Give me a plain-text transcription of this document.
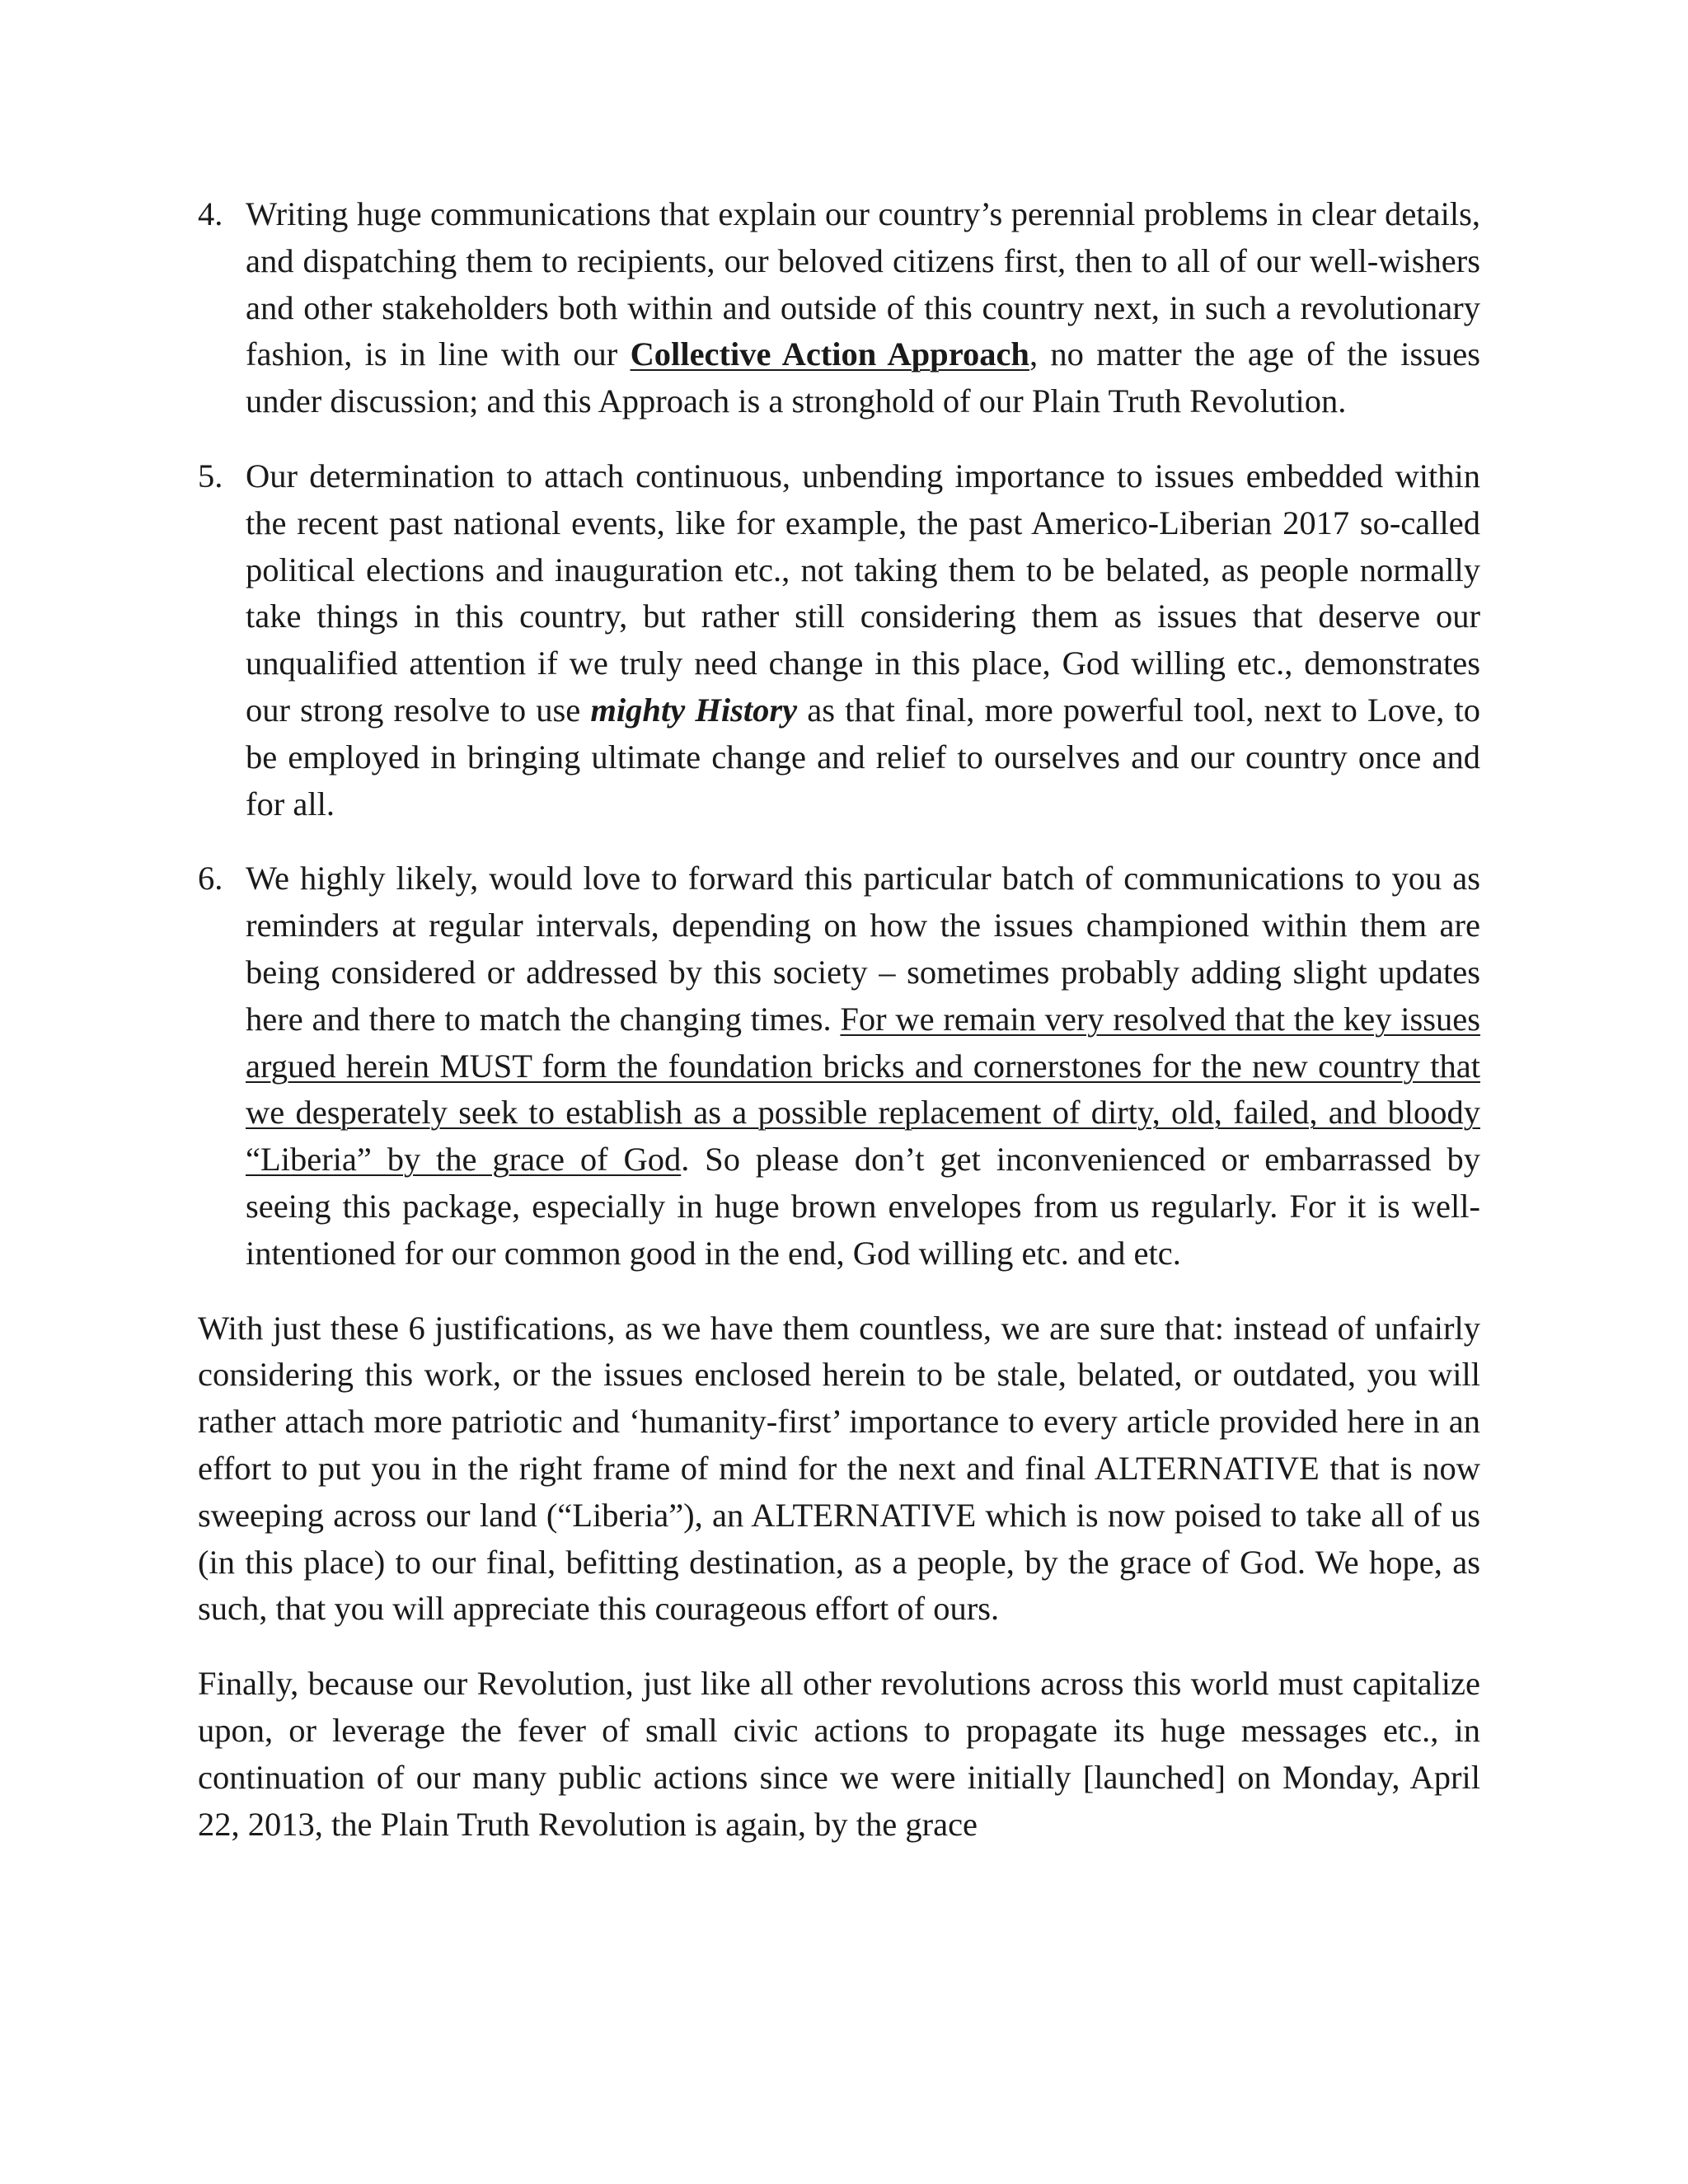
4. Writing huge communications that explain our country’s perennial problems in clear details, and dispatching them to recipients, our beloved citizens first, then to all of our well-wishers and other stakeholders both within and outside of this country next, in such a revolutionary fashion, is in line with our Collective Action Approach, no matter the age of the issues under discussion; and this Approach is a stronghold of our Plain Truth Revolution.
5. Our determination to attach continuous, unbending importance to issues embedded within the recent past national events, like for example, the past Americo-Liberian 2017 so-called political elections and inauguration etc., not taking them to be belated, as people normally take things in this country, but rather still considering them as issues that deserve our unqualified attention if we truly need change in this place, God willing etc., demonstrates our strong resolve to use mighty History as that final, more powerful tool, next to Love, to be employed in bringing ultimate change and relief to ourselves and our country once and for all.
6. We highly likely, would love to forward this particular batch of communications to you as reminders at regular intervals, depending on how the issues championed within them are being considered or addressed by this society – sometimes probably adding slight updates here and there to match the changing times. For we remain very resolved that the key issues argued herein MUST form the foundation bricks and cornerstones for the new country that we desperately seek to establish as a possible replacement of dirty, old, failed, and bloody “Liberia” by the grace of God. So please don’t get inconvenienced or embarrassed by seeing this package, especially in huge brown envelopes from us regularly. For it is well-intentioned for our common good in the end, God willing etc. and etc.

With just these 6 justifications, as we have them countless, we are sure that: instead of unfairly considering this work, or the issues enclosed herein to be stale, belated, or outdated, you will rather attach more patriotic and ‘humanity-first’ importance to every article provided here in an effort to put you in the right frame of mind for the next and final ALTERNATIVE that is now sweeping across our land (“Liberia”), an ALTERNATIVE which is now poised to take all of us (in this place) to our final, befitting destination, as a people, by the grace of God. We hope, as such, that you will appreciate this courageous effort of ours.

Finally, because our Revolution, just like all other revolutions across this world must capitalize upon, or leverage the fever of small civic actions to propagate its huge messages etc., in continuation of our many public actions since we were initially [launched] on Monday, April 22, 2013, the Plain Truth Revolution is again, by the grace
